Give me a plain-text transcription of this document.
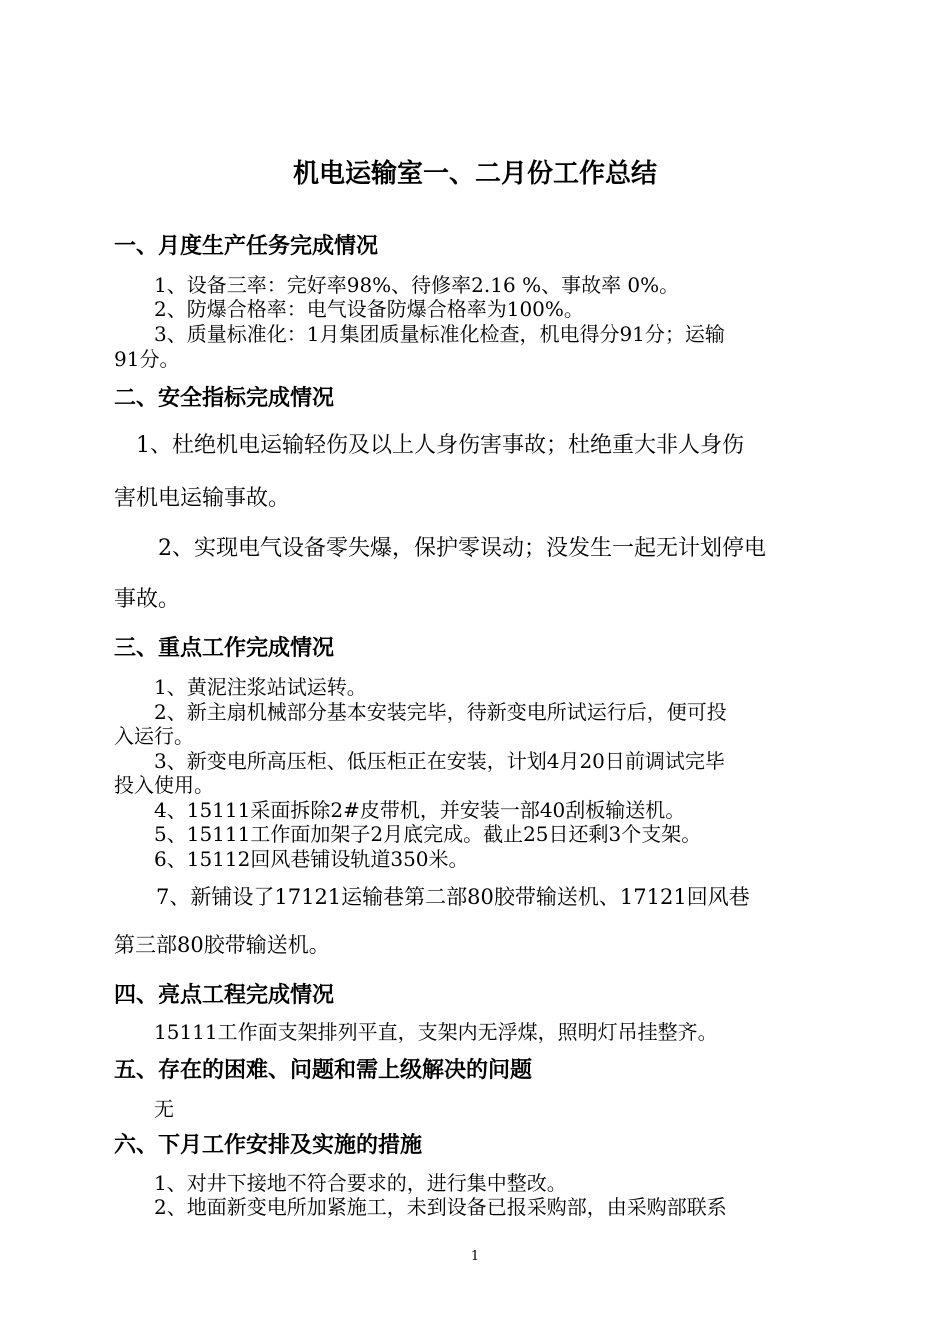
机电运输室一、二月份工作总结
一、月度生产任务完成情况
　　1、设备三率：完好率98%、待修率2.16 %、事故率 0%。
　　2、防爆合格率：电气设备防爆合格率为100%。
　　3、质量标准化：1月集团质量标准化检查，机电得分91分；运输
91分。
二、安全指标完成情况
　1、杜绝机电运输轻伤及以上人身伤害事故；杜绝重大非人身伤
害机电运输事故。
　　2、实现电气设备零失爆，保护零误动；没发生一起无计划停电
事故。
三、重点工作完成情况
　　1、黄泥注浆站试运转。
　　2、新主扇机械部分基本安装完毕，待新变电所试运行后，便可投
入运行。
　　3、新变电所高压柜、低压柜正在安装，计划4月20日前调试完毕
投入使用。
　　4、15111采面拆除2#皮带机，并安装一部40刮板输送机。
　　5、15111工作面加架子2月底完成。截止25日还剩3个支架。
　　6、15112回风巷铺设轨道350米。
　　7、新铺设了17121运输巷第二部80胶带输送机、17121回风巷
第三部80胶带输送机。
四、亮点工程完成情况
　　15111工作面支架排列平直，支架内无浮煤，照明灯吊挂整齐。
五、存在的困难、问题和需上级解决的问题
　　无
六、下月工作安排及实施的措施
　　1、对井下接地不符合要求的，进行集中整改。
　　2、地面新变电所加紧施工，未到设备已报采购部，由采购部联系
1
